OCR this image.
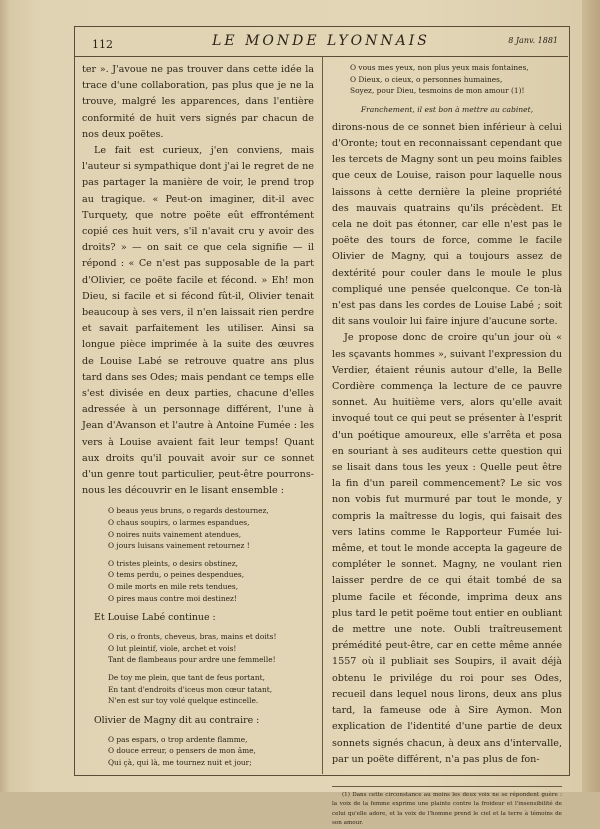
112	LE MONDE LYONNAIS	8 Janv. 1881

ter ». J'avoue ne pas trouver dans cette idée la trace d'une collaboration, pas plus que je ne la trouve, malgré les apparences, dans l'entière conformité de huit vers signés par chacun de nos deux poëtes.

Le fait est curieux, j'en conviens, mais l'auteur si sympathique dont j'ai le regret de ne pas partager la manière de voir, le prend trop au tragique. « Peut-on imaginer, dit-il avec Turquety, que notre poëte eût effrontément copié ces huit vers, s'il n'avait cru y avoir des droits? » — on sait ce que cela signifie — il répond : « Ce n'est pas supposable de la part d'Olivier, ce poëte facile et fécond. » Eh! mon Dieu, si facile et si fécond fût-il, Olivier tenait beaucoup à ses vers, il n'en laissait rien perdre et savait parfaitement les utiliser. Ainsi sa longue pièce imprimée à la suite des œuvres de Louise Labé se retrouve quatre ans plus tard dans ses Odes; mais pendant ce temps elle s'est divisée en deux parties, chacune d'elles adressée à un personnage différent, l'une à Jean d'Avanson et l'autre à Antoine Fumée : les vers à Louise avaient fait leur temps! Quant aux droits qu'il pouvait avoir sur ce sonnet d'un genre tout particulier, peut-être pourrons-nous les découvrir en le lisant ensemble :

O beaus yeus bruns, o regards destournez,
O chaus soupirs, o larmes espandues,
O noires nuits vainement atendues,
O jours luisans vainement retournez !
O tristes pleints, o desirs obstinez,
O tems perdu, o peines despendues,
O mile morts en mile rets tendues,
O pires maus contre moi destinez!

Et Louise Labé continue :

O ris, o fronts, cheveus, bras, mains et doits!
O lut pleintif, viole, archet et vois!
Tant de flambeaus pour ardre une femmelle!
De toy me plein, que tant de feus portant,
En tant d'endroits d'iceus mon cœur tatant,
N'en est sur toy volé quelque estincelle.

Olivier de Magny dit au contraire :

O pas espars, o trop ardente flamme,
O douce erreur, o pensers de mon âme,
Qui çà, qui là, me tournez nuit et jour;
O vous mes yeux, non plus yeux mais fontaines,
O Dieux, o cieux, o personnes humaines,
Soyez, pour Dieu, tesmoins de mon amour (1)!
Franchement, il est bon à mettre au cabinet,

dirons-nous de ce sonnet bien inférieur à celui d'Oronte; tout en reconnaissant cependant que les tercets de Magny sont un peu moins faibles que ceux de Louise, raison pour laquelle nous laissons à cette dernière la pleine propriété des mauvais quatrains qu'ils précèdent. Et cela ne doit pas étonner, car elle n'est pas le poëte des tours de force, comme le facile Olivier de Magny, qui a toujours assez de dextérité pour couler dans le moule le plus compliqué une pensée quelconque. Ce ton-là n'est pas dans les cordes de Louise Labé ; soit dit sans vouloir lui faire injure d'aucune sorte.

Je propose donc de croire qu'un jour où « les sçavants hommes », suivant l'expression du Verdier, étaient réunis autour d'elle, la Belle Cordière commença la lecture de ce pauvre sonnet. Au huitième vers, alors qu'elle avait invoqué tout ce qui peut se présenter à l'esprit d'un poétique amoureux, elle s'arrêta et posa en souriant à ses auditeurs cette question qui se lisait dans tous les yeux : Quelle peut être la fin d'un pareil commencement? Le sic vos non vobis fut murmuré par tout le monde, y compris la maîtresse du logis, qui faisait des vers latins comme le Rapporteur Fumée lui-même, et tout le monde accepta la gageure de compléter le sonnet. Magny, ne voulant rien laisser perdre de ce qui était tombé de sa plume facile et féconde, imprima deux ans plus tard le petit poëme tout entier en oubliant de mettre une note. Oubli traîtreusement prémédité peut-être, car en cette même année 1557 où il publiait ses Soupirs, il avait déjà obtenu le privilége du roi pour ses Odes, recueil dans lequel nous lirons, deux ans plus tard, la fameuse ode à Sire Aymon. Mon explication de l'identité d'une partie de deux sonnets signés chacun, à deux ans d'intervalle, par un poëte différent, n'a pas plus de fon-

(1) Dans cette circonstance au moins les deux voix ne se répondent guère : la voix de la femme exprime une plainte contre la froideur et l'insensibilité de celui qu'elle adore, et la voix de l'homme prend le ciel et la terre à témoins de son amour.
